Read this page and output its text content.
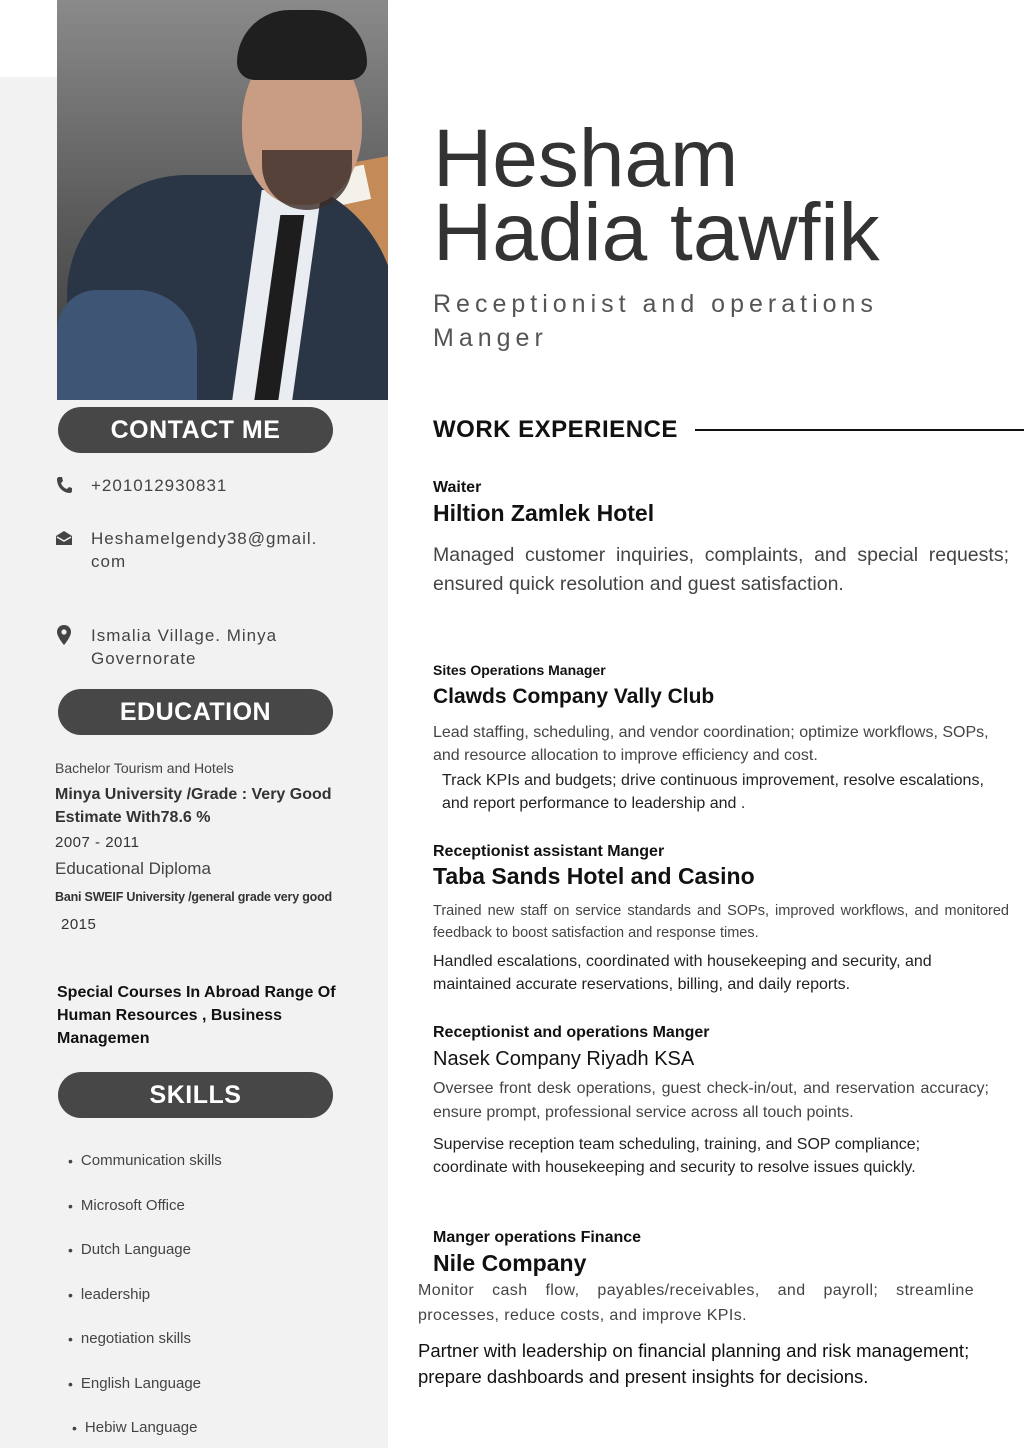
Hesham
Hadia tawfik
Receptionist and operations Manger
CONTACT ME
+201012930831
Heshamelgendy38@gmail.
com
Ismalia Village. Minya
Governorate
EDUCATION
Bachelor Tourism and Hotels
Minya University /Grade : Very Good
Estimate With78.6 %
2007 - 2011
Educational Diploma
Bani SWEIF University /general grade very good
2015
Special Courses In Abroad Range Of
Human Resources , Business
Managemen
SKILLS
• Communication skills
• Microsoft Office
• Dutch Language
• leadership
• negotiation skills
• English Language
• Hebiw Language
WORK EXPERIENCE
Waiter
Hiltion Zamlek Hotel

Managed customer inquiries, complaints, and special requests; ensured quick resolution and guest satisfaction.

Sites Operations Manager
Clawds Company Vally Club

Lead staffing, scheduling, and vendor coordination; optimize workflows, SOPs, and resource allocation to improve efficiency and cost.

Track KPIs and budgets; drive continuous improvement, resolve escalations, and report performance to leadership and .

Receptionist assistant Manger
Taba Sands Hotel and Casino

Trained new staff on service standards and SOPs, improved workflows, and monitored feedback to boost satisfaction and response times.

Handled escalations, coordinated with housekeeping and security, and maintained accurate reservations, billing, and daily reports.

Receptionist and operations Manger
Nasek Company Riyadh KSA

Oversee front desk operations, guest check-in/out, and reservation accuracy; ensure prompt, professional service across all touch points.

Supervise reception team scheduling, training, and SOP compliance; coordinate with housekeeping and security to resolve issues quickly.

Manger operations Finance
Nile Company

Monitor cash flow, payables/receivables, and payroll; streamline processes, reduce costs, and improve KPIs.

Partner with leadership on financial planning and risk management; prepare dashboards and present insights for decisions.
